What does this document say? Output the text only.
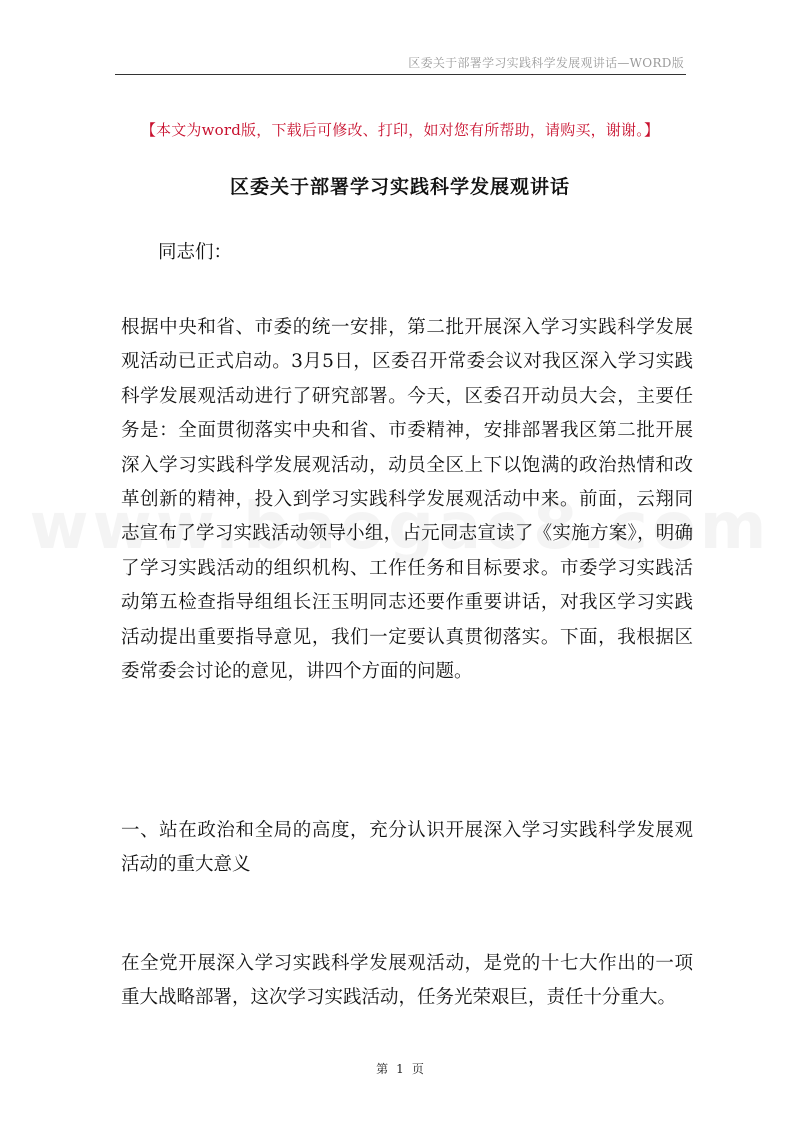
区委关于部署学习实践科学发展观讲话—WORD版
【本文为word版，下载后可修改、打印，如对您有所帮助，请购买，谢谢。】
区委关于部署学习实践科学发展观讲话

同志们：

根据中央和省、市委的统一安排，第二批开展深入学习实践科学发展观活动已正式启动。3月5日，区委召开常委会议对我区深入学习实践科学发展观活动进行了研究部署。今天，区委召开动员大会，主要任务是：全面贯彻落实中央和省、市委精神，安排部署我区第二批开展深入学习实践科学发展观活动，动员全区上下以饱满的政治热情和改革创新的精神，投入到学习实践科学发展观活动中来。前面，云翔同志宣布了学习实践活动领导小组，占元同志宣读了《实施方案》，明确了学习实践活动的组织机构、工作任务和目标要求。市委学习实践活动第五检查指导组组长汪玉明同志还要作重要讲话，对我区学习实践活动提出重要指导意见，我们一定要认真贯彻落实。下面，我根据区委常委会讨论的意见，讲四个方面的问题。

一、站在政治和全局的高度，充分认识开展深入学习实践科学发展观活动的重大意义

在全党开展深入学习实践科学发展观活动，是党的十七大作出的一项重大战略部署，这次学习实践活动，任务光荣艰巨，责任十分重大。

第 1 页
